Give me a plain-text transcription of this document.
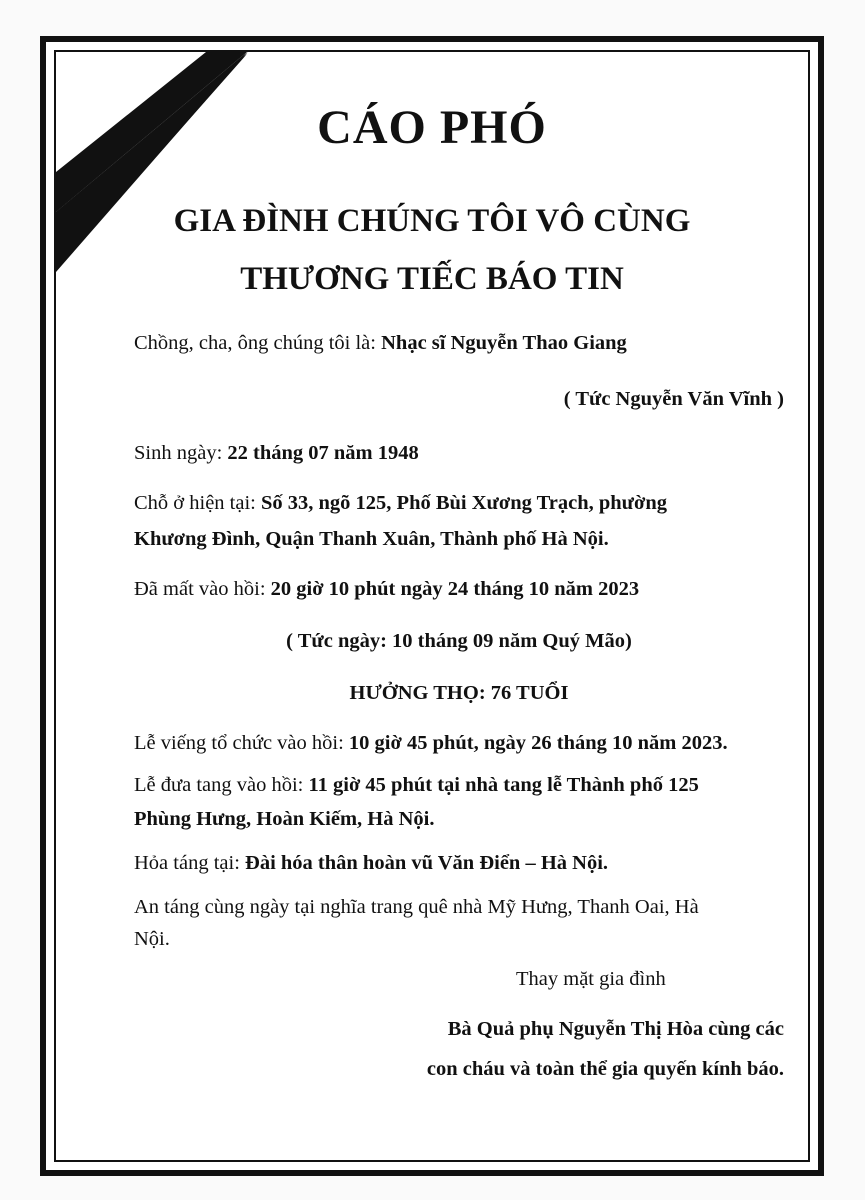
CÁO PHÓ
GIA ĐÌNH CHÚNG TÔI VÔ CÙNG
THƯƠNG TIẾC BÁO TIN
Chồng, cha, ông chúng tôi là: Nhạc sĩ Nguyễn Thao Giang
( Tức Nguyễn Văn Vĩnh )
Sinh ngày: 22 tháng 07 năm 1948
Chỗ ở hiện tại: Số 33, ngõ 125, Phố Bùi Xương Trạch, phường
Khương Đình, Quận Thanh Xuân, Thành phố Hà Nội.
Đã mất vào hồi: 20 giờ 10 phút ngày 24 tháng 10 năm 2023
( Tức ngày: 10 tháng 09 năm Quý Mão)
HƯỞNG THỌ: 76 TUỔI
Lễ viếng tổ chức vào hồi: 10 giờ 45 phút, ngày 26 tháng 10 năm 2023.
Lễ đưa tang vào hồi: 11 giờ 45 phút tại nhà tang lễ Thành phố 125
Phùng Hưng, Hoàn Kiếm, Hà Nội.
Hỏa táng tại: Đài hóa thân hoàn vũ Văn Điển – Hà Nội.
An táng cùng ngày tại nghĩa trang quê nhà Mỹ Hưng, Thanh Oai, Hà
Nội.
Thay mặt gia đình
Bà Quả phụ Nguyễn Thị Hòa cùng các
con cháu và toàn thể gia quyến kính báo.
